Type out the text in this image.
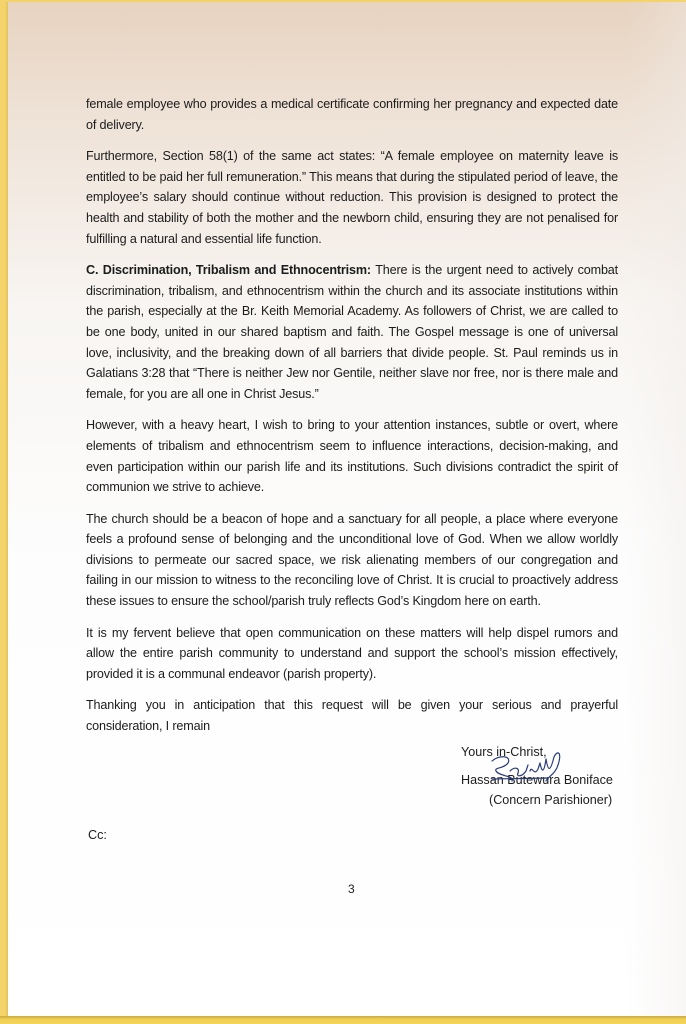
female employee who provides a medical certificate confirming her pregnancy and expected date of delivery.

Furthermore, Section 58(1) of the same act states: “A female employee on maternity leave is entitled to be paid her full remuneration.” This means that during the stipulated period of leave, the employee’s salary should continue without reduction. This provision is designed to protect the health and stability of both the mother and the newborn child, ensuring they are not penalised for fulfilling a natural and essential life function.

C. Discrimination, Tribalism and Ethnocentrism: There is the urgent need to actively combat discrimination, tribalism, and ethnocentrism within the church and its associate institutions within the parish, especially at the Br. Keith Memorial Academy. As followers of Christ, we are called to be one body, united in our shared baptism and faith. The Gospel message is one of universal love, inclusivity, and the breaking down of all barriers that divide people. St. Paul reminds us in Galatians 3:28 that “There is neither Jew nor Gentile, neither slave nor free, nor is there male and female, for you are all one in Christ Jesus.”

However, with a heavy heart, I wish to bring to your attention instances, subtle or overt, where elements of tribalism and ethnocentrism seem to influence interactions, decision-making, and even participation within our parish life and its institutions. Such divisions contradict the spirit of communion we strive to achieve.

The church should be a beacon of hope and a sanctuary for all people, a place where everyone feels a profound sense of belonging and the unconditional love of God. When we allow worldly divisions to permeate our sacred space, we risk alienating members of our congregation and failing in our mission to witness to the reconciling love of Christ. It is crucial to proactively address these issues to ensure the school/parish truly reflects God’s Kingdom here on earth.

It is my fervent believe that open communication on these matters will help dispel rumors and allow the entire parish community to understand and support the school’s mission effectively, provided it is a communal endeavor (parish property).

Thanking you in anticipation that this request will be given your serious and prayerful consideration, I remain

Yours in-Christ,
Hassan Butewura Boniface
(Concern Parishioner)
Cc:
3
